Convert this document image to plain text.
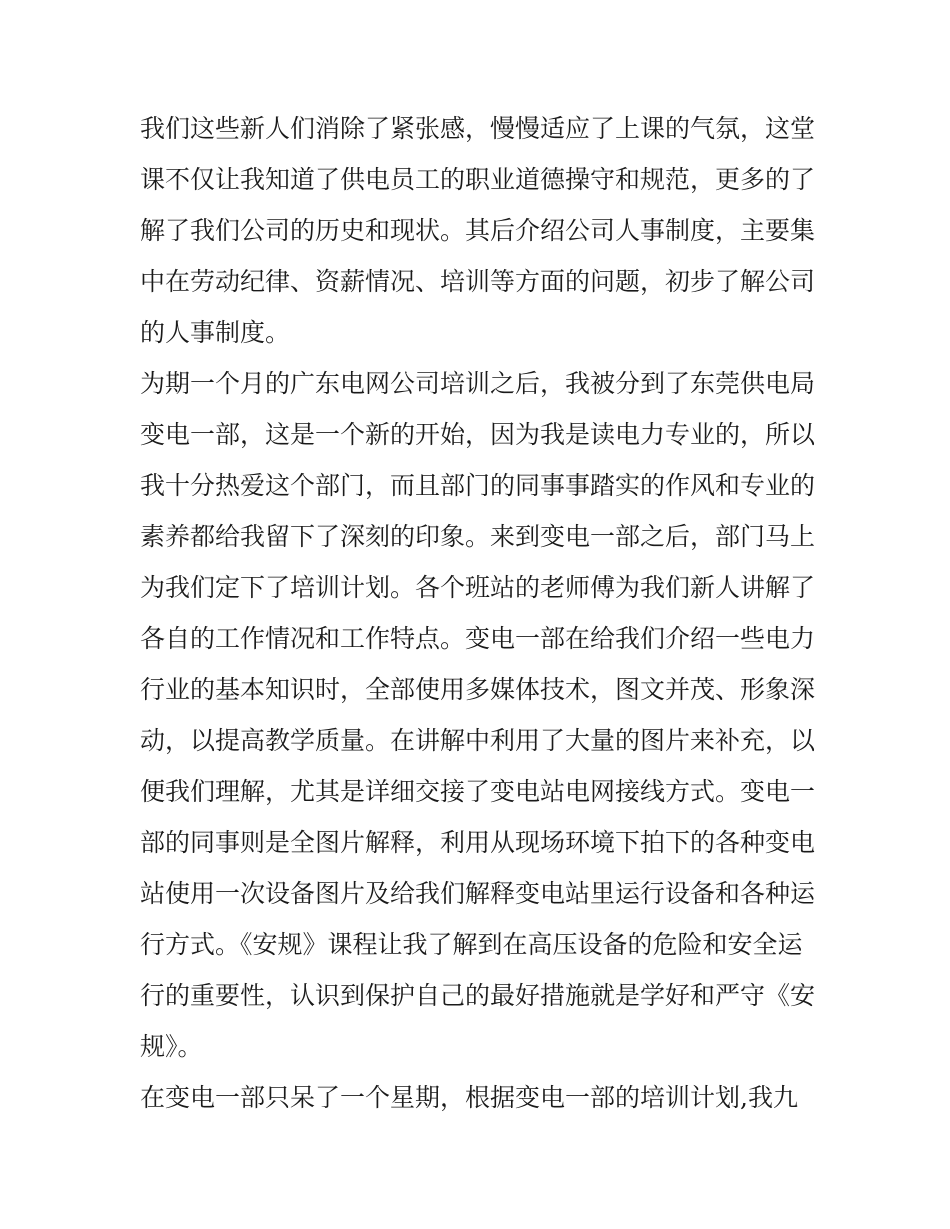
我们这些新人们消除了紧张感，慢慢适应了上课的气氛，这堂
课不仅让我知道了供电员工的职业道德操守和规范，更多的了
解了我们公司的历史和现状。其后介绍公司人事制度，主要集
中在劳动纪律、资薪情况、培训等方面的问题，初步了解公司
的人事制度。
为期一个月的广东电网公司培训之后，我被分到了东莞供电局
变电一部，这是一个新的开始，因为我是读电力专业的，所以
我十分热爱这个部门，而且部门的同事事踏实的作风和专业的
素养都给我留下了深刻的印象。来到变电一部之后，部门马上
为我们定下了培训计划。各个班站的老师傅为我们新人讲解了
各自的工作情况和工作特点。变电一部在给我们介绍一些电力
行业的基本知识时，全部使用多媒体技术，图文并茂、形象深
动，以提高教学质量。在讲解中利用了大量的图片来补充，以
便我们理解，尤其是详细交接了变电站电网接线方式。变电一
部的同事则是全图片解释，利用从现场环境下拍下的各种变电
站使用一次设备图片及给我们解释变电站里运行设备和各种运
行方式。《安规》课程让我了解到在高压设备的危险和安全运
行的重要性，认识到保护自己的最好措施就是学好和严守《安
规》。
在变电一部只呆了一个星期，根据变电一部的培训计划,我九
